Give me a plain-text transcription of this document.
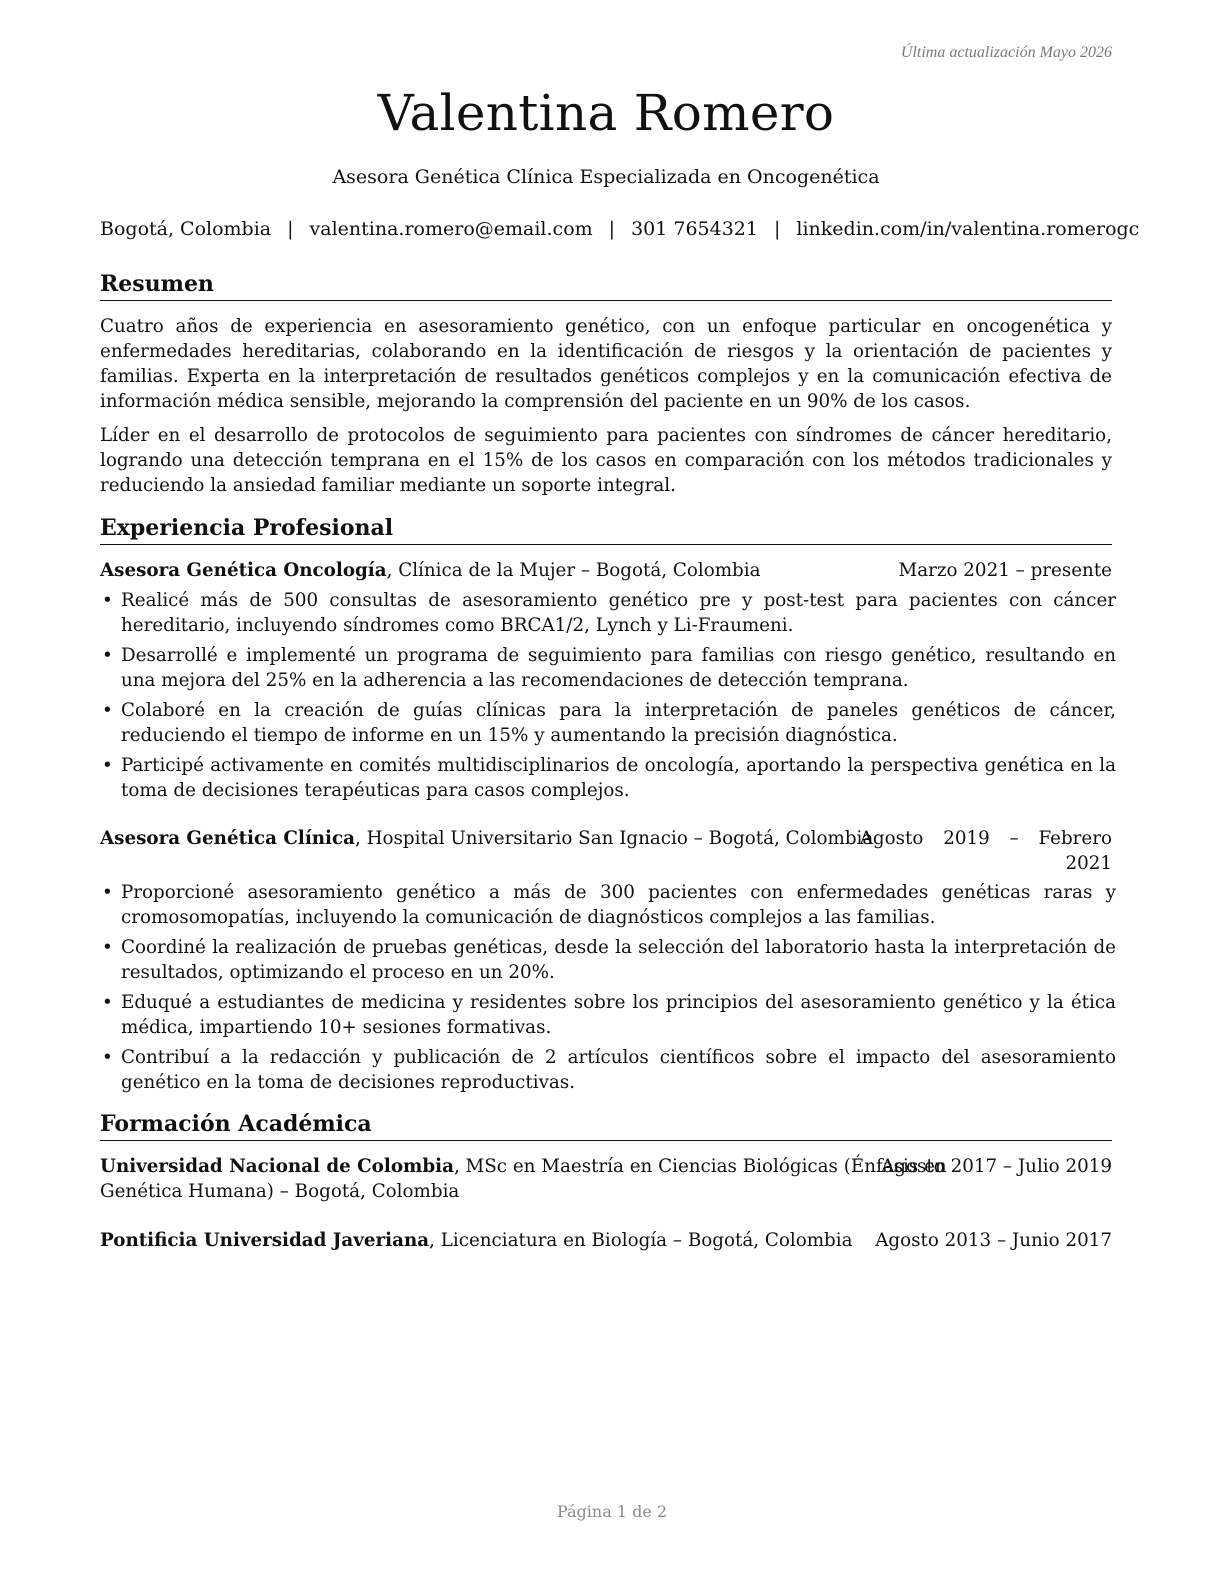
Última actualización Mayo 2026
Valentina Romero
Asesora Genética Clínica Especializada en Oncogenética
Bogotá, Colombia | valentina.romero@email.com | 301 7654321 | linkedin.com/in/valentina.romerogc
Resumen
Cuatro años de experiencia en asesoramiento genético, con un enfoque particular en oncogenética y enfermedades hereditarias, colaborando en la identificación de riesgos y la orientación de pacientes y familias. Experta en la interpretación de resultados genéticos complejos y en la comunicación efectiva de información médica sensible, mejorando la comprensión del paciente en un 90% de los casos.
Líder en el desarrollo de protocolos de seguimiento para pacientes con síndromes de cáncer hereditario, logrando una detección temprana en el 15% de los casos en comparación con los métodos tradicionales y reduciendo la ansiedad familiar mediante un soporte integral.
Experiencia Profesional
Asesora Genética Oncología, Clínica de la Mujer – Bogotá, Colombia	Marzo 2021 – presente
• Realicé más de 500 consultas de asesoramiento genético pre y post-test para pacientes con cáncer hereditario, incluyendo síndromes como BRCA1/2, Lynch y Li-Fraumeni.
• Desarrollé e implementé un programa de seguimiento para familias con riesgo genético, resultando en una mejora del 25% en la adherencia a las recomendaciones de detección temprana.
• Colaboré en la creación de guías clínicas para la interpretación de paneles genéticos de cáncer, reduciendo el tiempo de informe en un 15% y aumentando la precisión diagnóstica.
• Participé activamente en comités multidisciplinarios de oncología, aportando la perspectiva genética en la toma de decisiones terapéuticas para casos complejos.
Asesora Genética Clínica, Hospital Universitario San Ignacio – Bogotá, Colombia
Agosto 2019 – Febrero
2021
• Proporcioné asesoramiento genético a más de 300 pacientes con enfermedades genéticas raras y cromosomopatías, incluyendo la comunicación de diagnósticos complejos a las familias.
• Coordiné la realización de pruebas genéticas, desde la selección del laboratorio hasta la interpretación de resultados, optimizando el proceso en un 20%.
• Eduqué a estudiantes de medicina y residentes sobre los principios del asesoramiento genético y la ética médica, impartiendo 10+ sesiones formativas.
• Contribuí a la redacción y publicación de 2 artículos científicos sobre el impacto del asesoramiento genético en la toma de decisiones reproductivas.
Formación Académica
Universidad Nacional de Colombia, MSc en Maestría en Ciencias Biológicas (Énfasis en
Genética Humana) – Bogotá, Colombia
Agosto 2017 – Julio 2019
Pontificia Universidad Javeriana, Licenciatura en Biología – Bogotá, Colombia Agosto 2013 – Junio 2017
Página 1 de 2
